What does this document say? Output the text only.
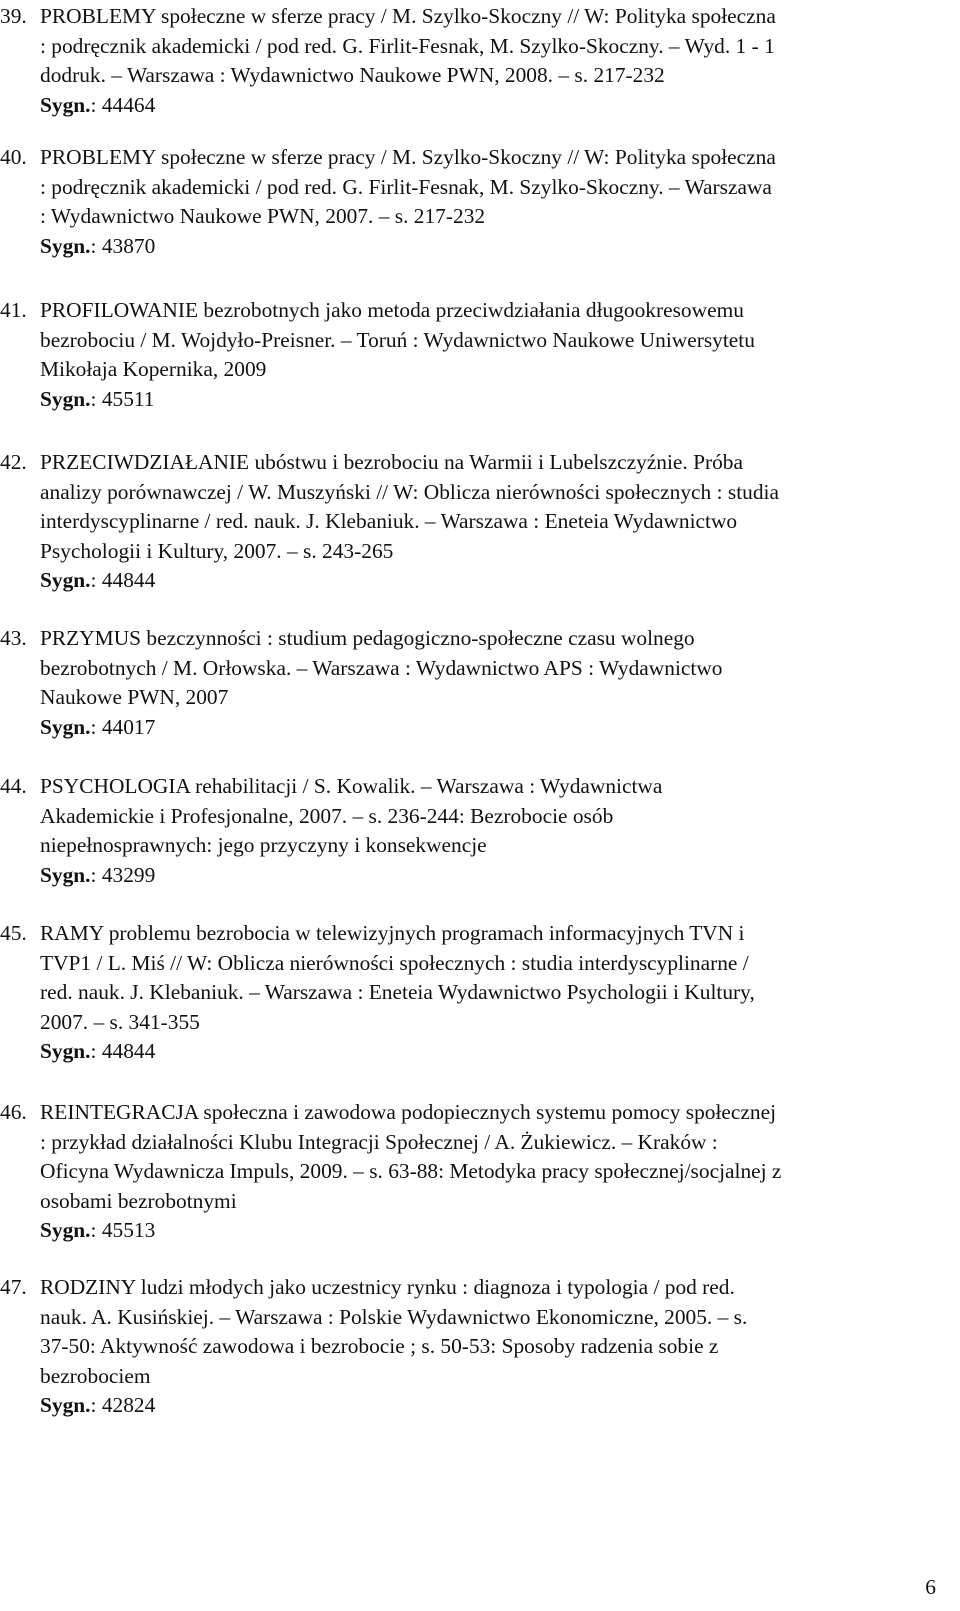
39. PROBLEMY społeczne w sferze pracy / M. Szylko-Skoczny // W: Polityka społeczna
: podręcznik akademicki / pod red. G. Firlit-Fesnak, M. Szylko-Skoczny. – Wyd. 1 - 1
dodruk. – Warszawa : Wydawnictwo Naukowe PWN, 2008. – s. 217-232
Sygn.: 44464
40. PROBLEMY społeczne w sferze pracy / M. Szylko-Skoczny // W: Polityka społeczna
: podręcznik akademicki / pod red. G. Firlit-Fesnak, M. Szylko-Skoczny. – Warszawa
: Wydawnictwo Naukowe PWN, 2007. – s. 217-232
Sygn.: 43870
41. PROFILOWANIE bezrobotnych jako metoda przeciwdziałania długookresowemu
bezrobociu / M. Wojdyło-Preisner. – Toruń : Wydawnictwo Naukowe Uniwersytetu
Mikołaja Kopernika, 2009
Sygn.: 45511
42. PRZECIWDZIAŁANIE ubóstwu i bezrobociu na Warmii i Lubelszczyźnie. Próba
analizy porównawczej / W. Muszyński // W: Oblicza nierówności społecznych : studia
interdyscyplinarne / red. nauk. J. Klebaniuk. – Warszawa : Eneteia Wydawnictwo
Psychologii i Kultury, 2007. – s. 243-265
Sygn.: 44844
43. PRZYMUS bezczynności : studium pedagogiczno-społeczne czasu wolnego
bezrobotnych / M. Orłowska. – Warszawa : Wydawnictwo APS : Wydawnictwo
Naukowe PWN, 2007
Sygn.: 44017
44. PSYCHOLOGIA rehabilitacji / S. Kowalik. – Warszawa : Wydawnictwa
Akademickie i Profesjonalne, 2007. – s. 236-244: Bezrobocie osób
niepełnosprawnych: jego przyczyny i konsekwencje
Sygn.: 43299
45. RAMY problemu bezrobocia w telewizyjnych programach informacyjnych TVN i
TVP1 / L. Miś // W: Oblicza nierówności społecznych : studia interdyscyplinarne /
red. nauk. J. Klebaniuk. – Warszawa : Eneteia Wydawnictwo Psychologii i Kultury,
2007. – s. 341-355
Sygn.: 44844
46. REINTEGRACJA społeczna i zawodowa podopiecznych systemu pomocy społecznej
: przykład działalności Klubu Integracji Społecznej / A. Żukiewicz. – Kraków :
Oficyna Wydawnicza Impuls, 2009. – s. 63-88: Metodyka pracy społecznej/socjalnej z
osobami bezrobotnymi
Sygn.: 45513
47. RODZINY ludzi młodych jako uczestnicy rynku : diagnoza i typologia / pod red.
nauk. A. Kusińskiej. – Warszawa : Polskie Wydawnictwo Ekonomiczne, 2005. – s.
37-50: Aktywność zawodowa i bezrobocie ; s. 50-53: Sposoby radzenia sobie z
bezrobociem
Sygn.: 42824
6
